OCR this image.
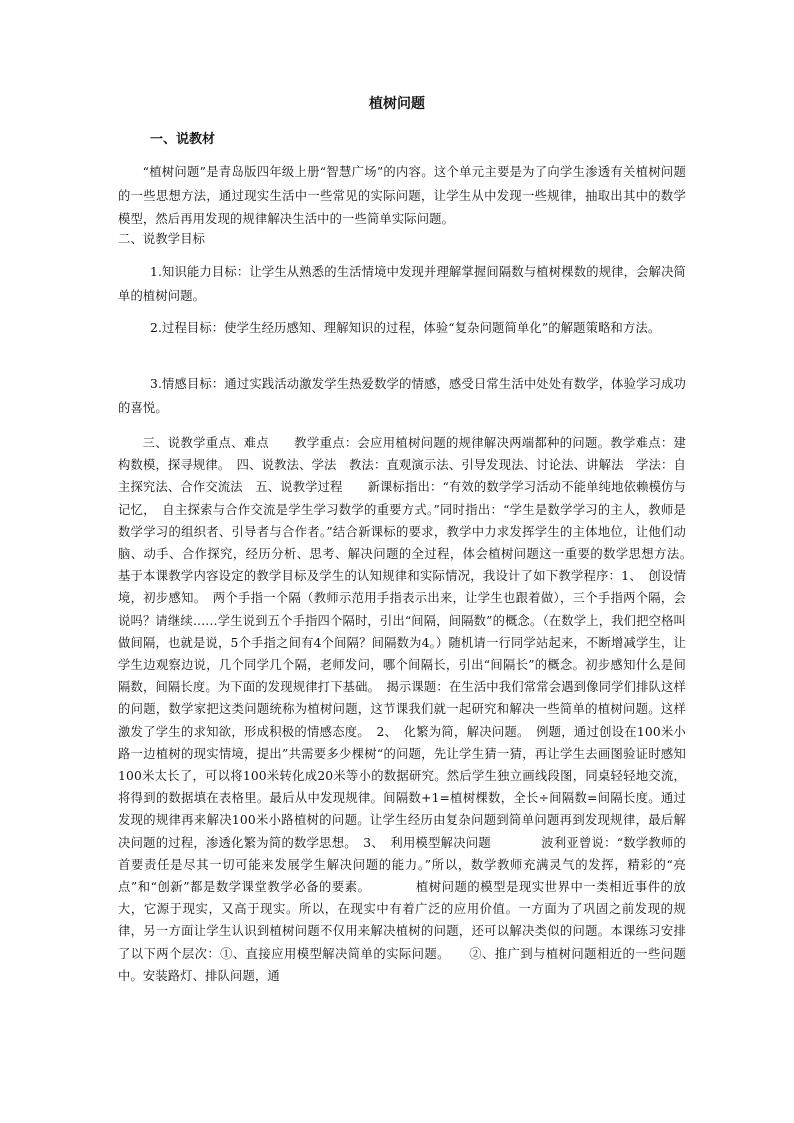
植树问题
一、说教材

“植树问题”是青岛版四年级上册“智慧广场”的内容。这个单元主要是为了向学生渗透有关植树问题的一些思想方法，通过现实生活中一些常见的实际问题，让学生从中发现一些规律，抽取出其中的数学模型，然后再用发现的规律解决生活中的一些简单实际问题。

二、说教学目标

1.知识能力目标：让学生从熟悉的生活情境中发现并理解掌握间隔数与植树棵数的规律，会解决简单的植树问题。

2.过程目标：使学生经历感知、理解知识的过程，体验“复杂问题简单化”的解题策略和方法。

3.情感目标：通过实践活动激发学生热爱数学的情感，感受日常生活中处处有数学，体验学习成功的喜悦。

三、说教学重点、难点　　教学重点：会应用植树问题的规律解决两端都种的问题。教学难点：建构数模，探寻规律。　四、说教法、学法　教法：直观演示法、引导发现法、讨论法、讲解法　学法：自主探究法、合作交流法　五、说教学过程　　新课标指出：“有效的数学学习活动不能单纯地依赖模仿与记忆，　自主探索与合作交流是学生学习数学的重要方式。”同时指出：“学生是数学学习的主人，教师是数学学习的组织者、引导者与合作者。”结合新课标的要求，教学中力求发挥学生的主体地位，让他们动脑、动手、合作探究，经历分析、思考、解决问题的全过程，体会植树问题这一重要的数学思想方法。　基于本课教学内容设定的教学目标及学生的认知规律和实际情况，我设计了如下教学程序：1、　创设情境，初步感知。　两个手指一个隔（教师示范用手指表示出来，让学生也跟着做），三个手指两个隔，会说吗？请继续……学生说到五个手指四个隔时，引出“间隔，间隔数”的概念。（在数学上，我们把空格叫做间隔，也就是说，5个手指之间有4个间隔？间隔数为4。）随机请一行同学站起来，不断增减学生，让学生边观察边说，几个同学几个隔，老师发问，哪个间隔长，引出“间隔长”的概念。初步感知什么是间隔数，间隔长度。为下面的发现规律打下基础。　揭示课题：在生活中我们常常会遇到像同学们排队这样的问题，数学家把这类问题统称为植树问题，这节课我们就一起研究和解决一些简单的植树问题。这样激发了学生的求知欲，形成积极的情感态度。　2、　化繁为简，解决问题。　例题，通过创设在100米小路一边植树的现实情境，提出”共需要多少棵树“的问题，先让学生猜一猜，再让学生去画图验证时感知100米太长了，可以将100米转化成20米等小的数据研究。然后学生独立画线段图，同桌轻轻地交流，将得到的数据填在表格里。最后从中发现规律。间隔数+1=植树棵数，全长÷间隔数=间隔长度。通过发现的规律再来解决100米小路植树的问题。让学生经历由复杂问题到简单问题再到发现规律，最后解决问题的过程，渗透化繁为简的数学思想。　3、　利用模型解决问题　　　　波利亚曾说：“数学教师的首要责任是尽其一切可能来发展学生解决问题的能力。”所以，数学教师充满灵气的发挥，精彩的“亮点”和“创新”都是数学课堂教学必备的要素。　　　　植树问题的模型是现实世界中一类相近事件的放大，它源于现实，又高于现实。所以，在现实中有着广泛的应用价值。一方面为了巩固之前发现的规律，另一方面让学生认识到植树问题不仅用来解决植树的问题，还可以解决类似的问题。本课练习安排了以下两个层次：①、直接应用模型解决简单的实际问题。　　②、推广到与植树问题相近的一些问题中。安装路灯、排队问题，通
